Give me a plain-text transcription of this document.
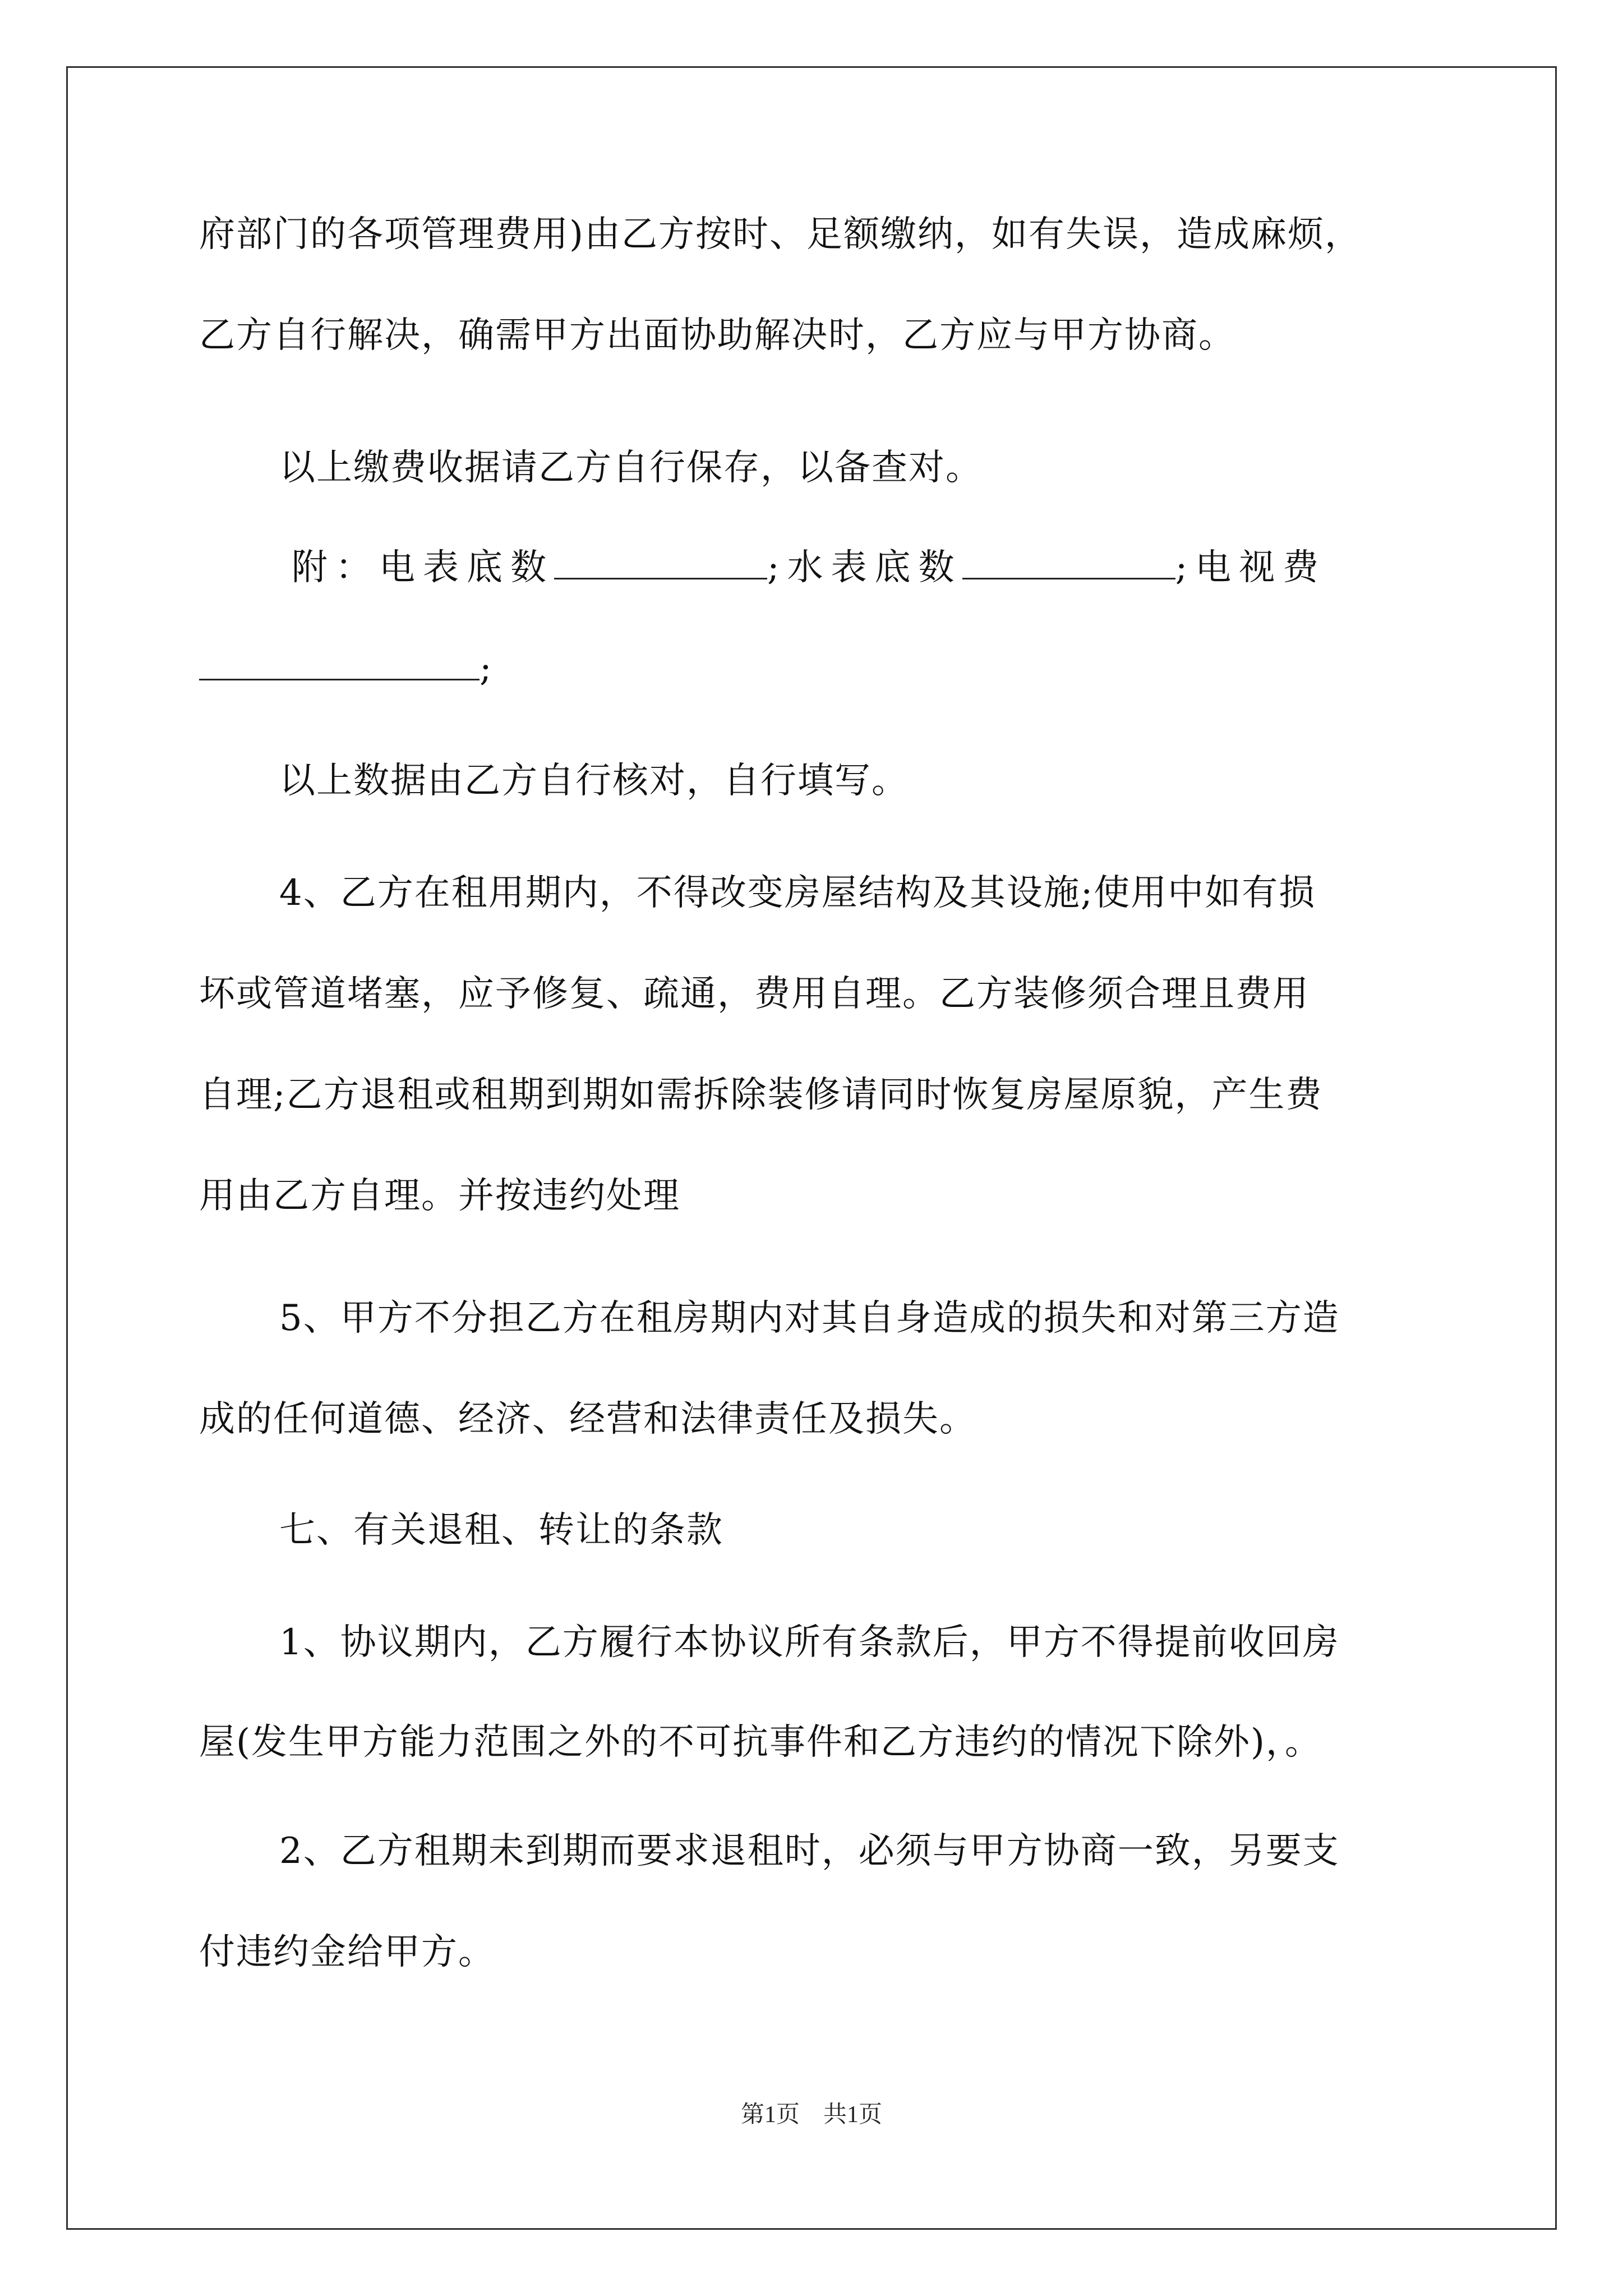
府部门的各项管理费用)由乙方按时、足额缴纳，如有失误，造成麻烦，
乙方自行解决，确需甲方出面协助解决时，乙方应与甲方协商。
以上缴费收据请乙方自行保存，以备查对。
附：电表底数	;水表底数	;电视费
;
以上数据由乙方自行核对，自行填写。
4、乙方在租用期内，不得改变房屋结构及其设施;使用中如有损
坏或管道堵塞，应予修复、疏通，费用自理。乙方装修须合理且费用
自理;乙方退租或租期到期如需拆除装修请同时恢复房屋原貌，产生费
用由乙方自理。并按违约处理
5、甲方不分担乙方在租房期内对其自身造成的损失和对第三方造
成的任何道德、经济、经营和法律责任及损失。
七、有关退租、转让的条款
1、协议期内，乙方履行本协议所有条款后，甲方不得提前收回房
屋(发生甲方能力范围之外的不可抗事件和乙方违约的情况下除外)，。
2、乙方租期未到期而要求退租时，必须与甲方协商一致，另要支
付违约金给甲方。
第1页　共1页
